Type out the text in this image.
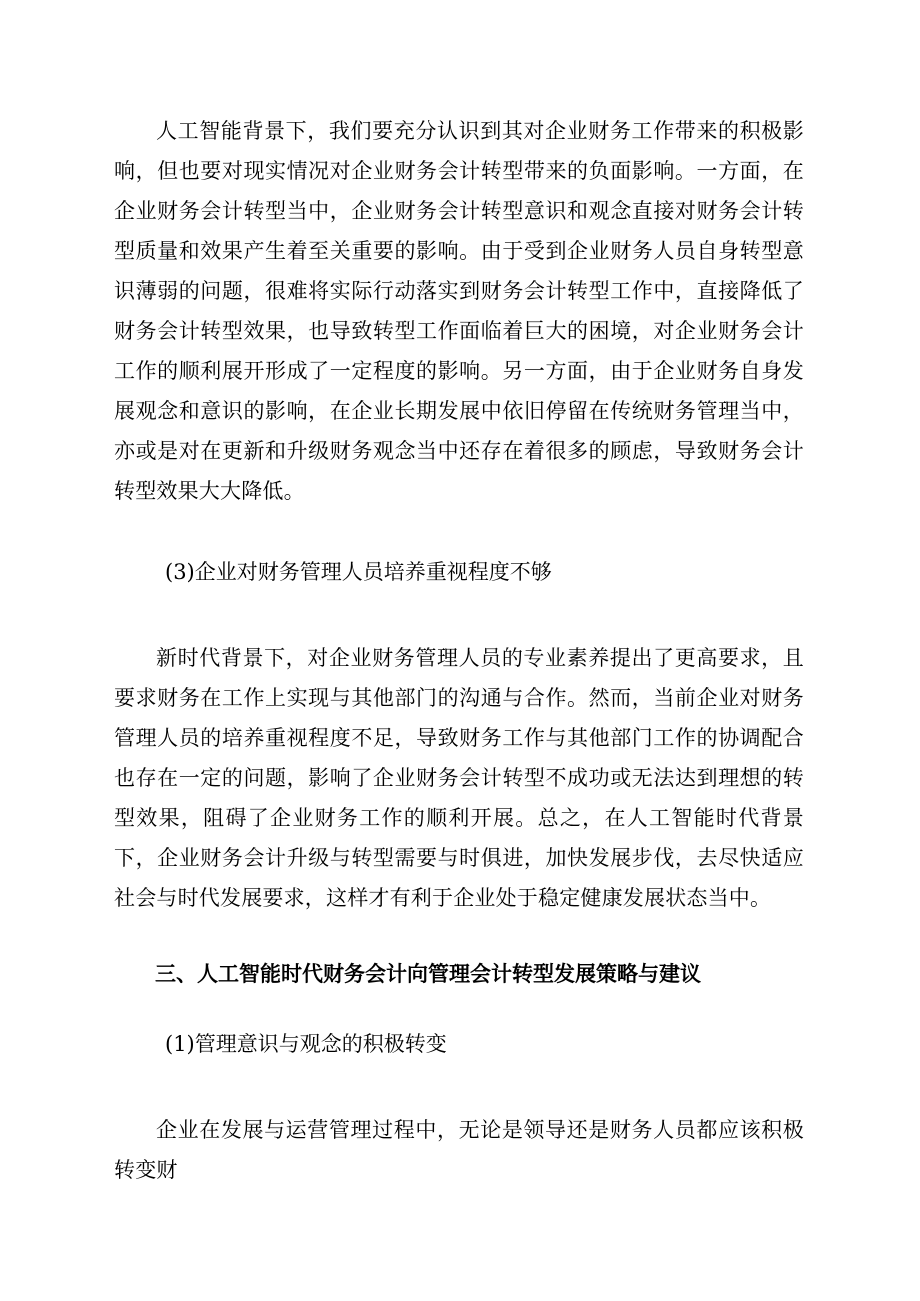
人工智能背景下，我们要充分认识到其对企业财务工作带来的积极影响，但也要对现实情况对企业财务会计转型带来的负面影响。一方面，在企业财务会计转型当中，企业财务会计转型意识和观念直接对财务会计转型质量和效果产生着至关重要的影响。由于受到企业财务人员自身转型意识薄弱的问题，很难将实际行动落实到财务会计转型工作中，直接降低了财务会计转型效果，也导致转型工作面临着巨大的困境，对企业财务会计工作的顺利展开形成了一定程度的影响。另一方面，由于企业财务自身发展观念和意识的影响，在企业长期发展中依旧停留在传统财务管理当中，亦或是对在更新和升级财务观念当中还存在着很多的顾虑，导致财务会计转型效果大大降低。

(3)企业对财务管理人员培养重视程度不够

新时代背景下，对企业财务管理人员的专业素养提出了更高要求，且要求财务在工作上实现与其他部门的沟通与合作。然而，当前企业对财务管理人员的培养重视程度不足，导致财务工作与其他部门工作的协调配合也存在一定的问题，影响了企业财务会计转型不成功或无法达到理想的转型效果，阻碍了企业财务工作的顺利开展。总之，在人工智能时代背景下，企业财务会计升级与转型需要与时俱进，加快发展步伐，去尽快适应社会与时代发展要求，这样才有利于企业处于稳定健康发展状态当中。

三、人工智能时代财务会计向管理会计转型发展策略与建议

(1)管理意识与观念的积极转变

企业在发展与运营管理过程中，无论是领导还是财务人员都应该积极转变财
